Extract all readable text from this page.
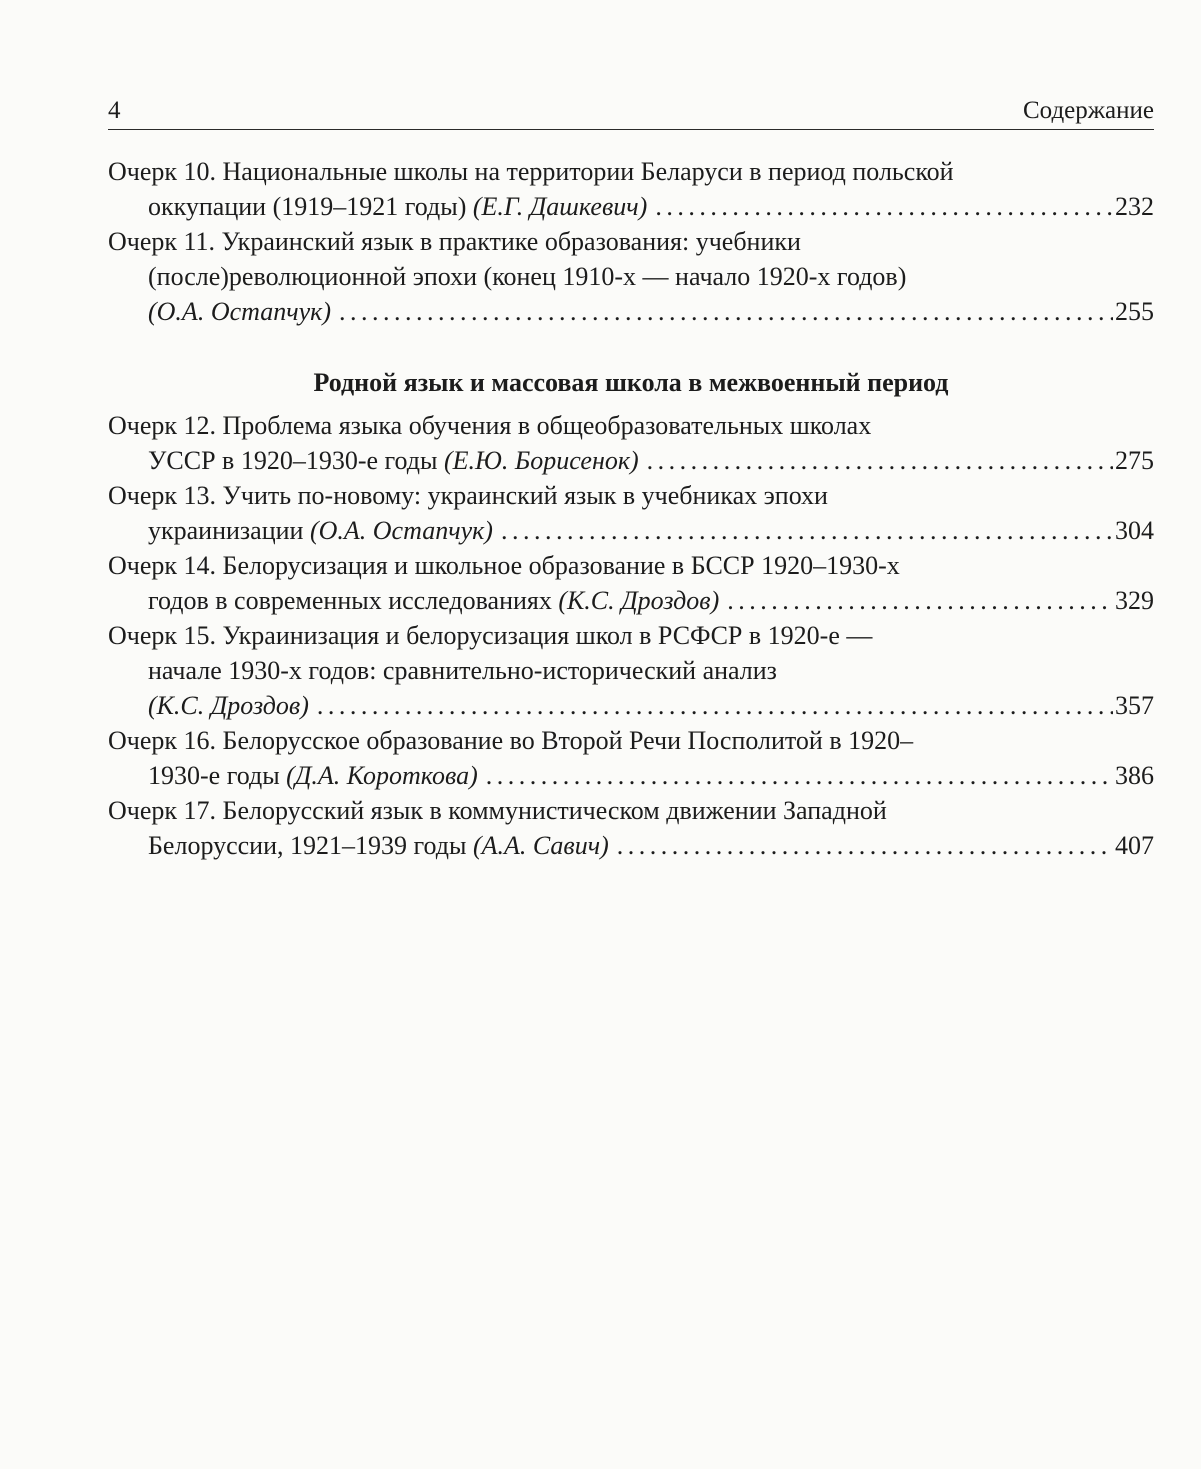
4	Содержание
Очерк 10. Национальные школы на территории Беларуси в период польской
оккупации (1919–1921 годы) (Е.Г. Дашкевич) . . .	232
Очерк 11. Украинский язык в практике образования: учебники
(после)революционной эпохи (конец 1910-х — начало 1920-х годов)
(О.А. Остапчук) . . .	255
Родной язык и массовая школа в межвоенный период
Очерк 12. Проблема языка обучения в общеобразовательных школах
УССР в 1920–1930-е годы (Е.Ю. Борисенок) . . .	275
Очерк 13. Учить по-новому: украинский язык в учебниках эпохи
украинизации (О.А. Остапчук) . . .	304
Очерк 14. Белорусизация и школьное образование в БССР 1920–1930-х
годов в современных исследованиях (К.С. Дроздов) . . .	329
Очерк 15. Украинизация и белорусизация школ в РСФСР в 1920-е —
начале 1930-х годов: сравнительно-исторический анализ
(К.С. Дроздов) . . .	357
Очерк 16. Белорусское образование во Второй Речи Посполитой в 1920–
1930-е годы (Д.А. Короткова) . . .	386
Очерк 17. Белорусский язык в коммунистическом движении Западной
Белоруссии, 1921–1939 годы (А.А. Савич) . . .	407
